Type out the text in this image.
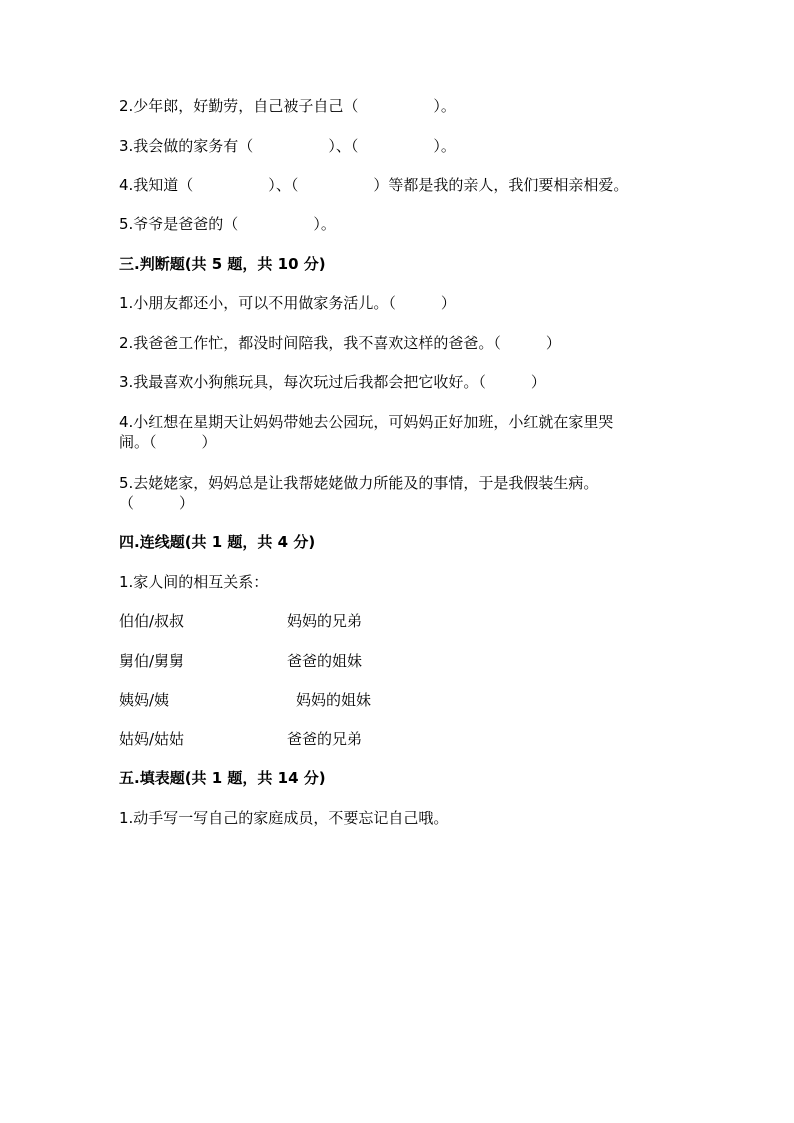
2.少年郎，好勤劳，自己被子自己（　　　　　）。
3.我会做的家务有（　　　　　）、（　　　　　）。
4.我知道（　　　　　）、（　　　　　）等都是我的亲人，我们要相亲相爱。
5.爷爷是爸爸的（　　　　　）。
三.判断题(共 5 题，共 10 分)
1.小朋友都还小，可以不用做家务活儿。（　　　）
2.我爸爸工作忙，都没时间陪我，我不喜欢这样的爸爸。（　　　）
3.我最喜欢小狗熊玩具，每次玩过后我都会把它收好。（　　　）
4.小红想在星期天让妈妈带她去公园玩，可妈妈正好加班，小红就在家里哭
闹。（　　　）
5.去姥姥家，妈妈总是让我帮姥姥做力所能及的事情，于是我假装生病。
（　　　）
四.连线题(共 1 题，共 4 分)
1.家人间的相互关系：
伯伯/叔叔	妈妈的兄弟
舅伯/舅舅	爸爸的姐妹
姨妈/姨	妈妈的姐妹
姑妈/姑姑	爸爸的兄弟
五.填表题(共 1 题，共 14 分)
1.动手写一写自己的家庭成员，不要忘记自己哦。
